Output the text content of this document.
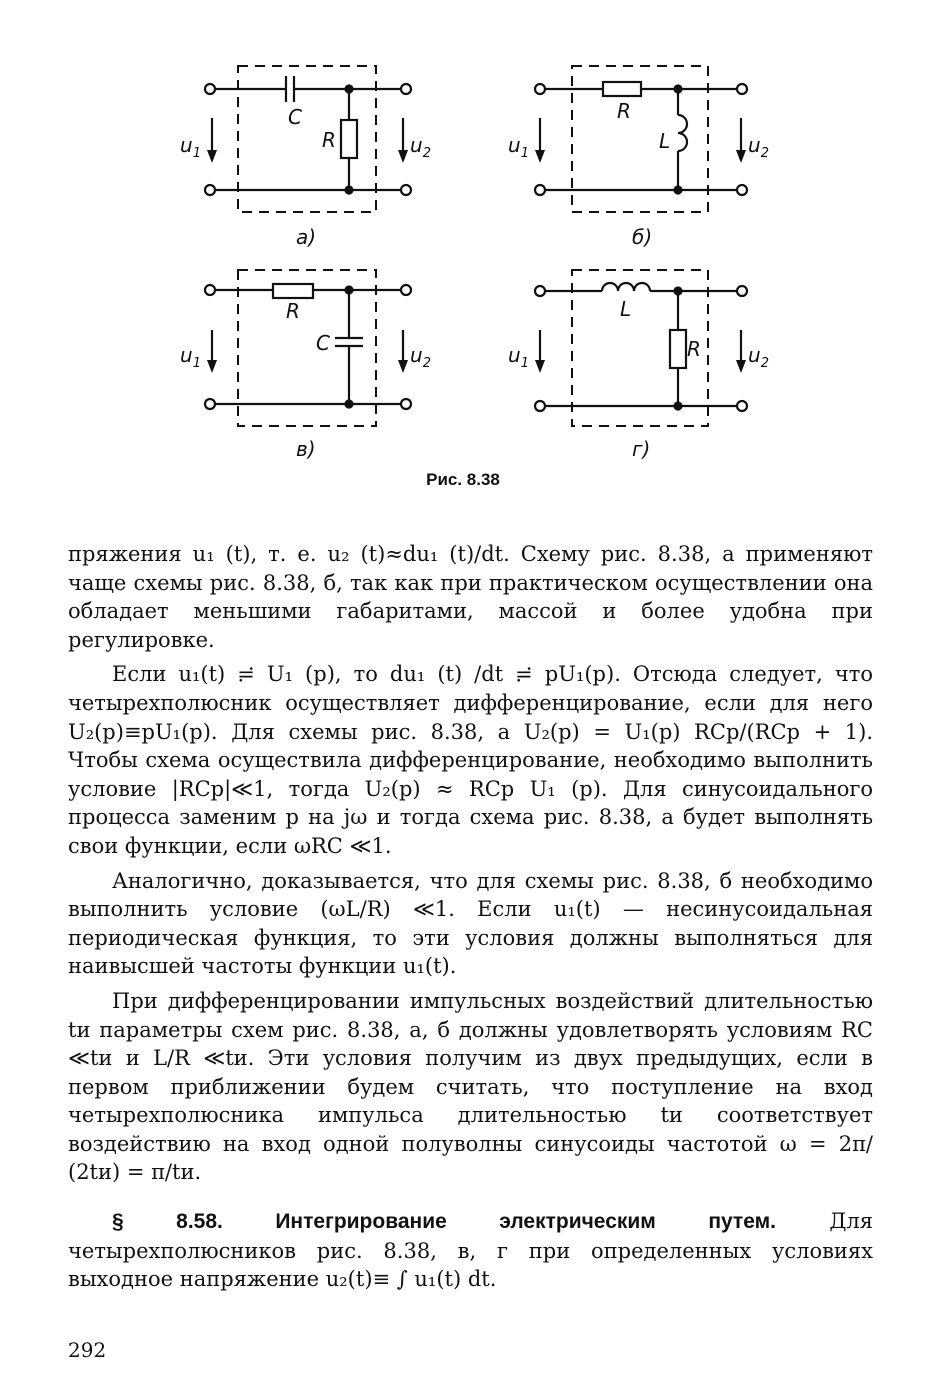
C
R
$u_1$	$u_2$
а)
R
L
$u_1$	$u_2$
б)
R
C
$u_1$	$u_2$
в)
L
R
$u_1$	$u_2$
г)
Рис. 8.38

пряжения u₁ (t), т. е. u₂ (t)≈du₁ (t)/dt. Схему рис. 8.38, а применяют чаще схемы рис. 8.38, б, так как при практическом осуществлении она обладает меньшими габаритами, массой и более удобна при регулировке.

Если u₁(t) ≓ U₁ (p), то du₁ (t) /dt ≓ pU₁(p). Отсюда следует, что четырехполюсник осуществляет дифференцирование, если для него U₂(p)≡pU₁(p). Для схемы рис. 8.38, а U₂(p) = U₁(p) RCp/(RCp + 1). Чтобы схема осуществила дифференцирование, необходимо выполнить условие |RCp|≪1, тогда U₂(p) ≈ RCp U₁ (p). Для синусоидального процесса заменим p на jω и тогда схема рис. 8.38, а будет выполнять свои функции, если ωRC ≪1.

Аналогично, доказывается, что для схемы рис. 8.38, б необходимо выполнить условие (ωL/R) ≪1. Если u₁(t) — несинусоидальная периодическая функция, то эти условия должны выполняться для наивысшей частоты функции u₁(t).

При дифференцировании импульсных воздействий длительностью tи параметры схем рис. 8.38, а, б должны удовлетворять условиям RC ≪tи и L/R ≪tи. Эти условия получим из двух предыдущих, если в первом приближении будем считать, что поступление на вход четырехполюсника импульса длительностью tи соответствует воздействию на вход одной полуволны синусоиды частотой ω = 2π/ (2tи) = π/tи.

§ 8.58. Интегрирование электрическим путем.	Для четырехполюсников рис. 8.38, в, г при определенных условиях выходное напряжение u₂(t)≡ ∫ u₁(t) dt.

292
